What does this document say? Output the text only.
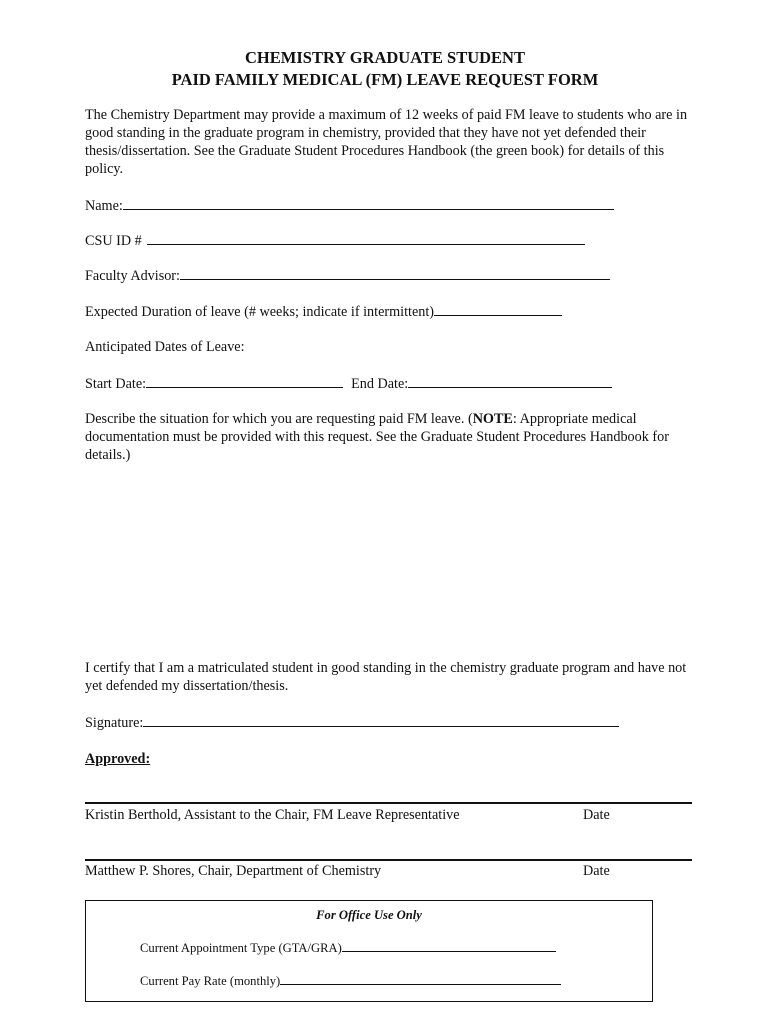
CHEMISTRY GRADUATE STUDENT
PAID FAMILY MEDICAL (FM) LEAVE REQUEST FORM
The Chemistry Department may provide a maximum of 12 weeks of paid FM leave to students who are in good standing in the graduate program in chemistry, provided that they have not yet defended their thesis/dissertation. See the Graduate Student Procedures Handbook (the green book) for details of this policy.
Name:
CSU ID #
Faculty Advisor:
Expected Duration of leave (# weeks; indicate if intermittent)
Anticipated Dates of Leave:
Start Date:	End Date:
Describe the situation for which you are requesting paid FM leave. (NOTE: Appropriate medical documentation must be provided with this request. See the Graduate Student Procedures Handbook for details.)
I certify that I am a matriculated student in good standing in the chemistry graduate program and have not yet defended my dissertation/thesis.
Signature:
Approved:
Kristin Berthold, Assistant to the Chair, FM Leave Representative	Date
Matthew P. Shores, Chair, Department of Chemistry	Date
For Office Use Only
Current Appointment Type (GTA/GRA)
Current Pay Rate (monthly)
